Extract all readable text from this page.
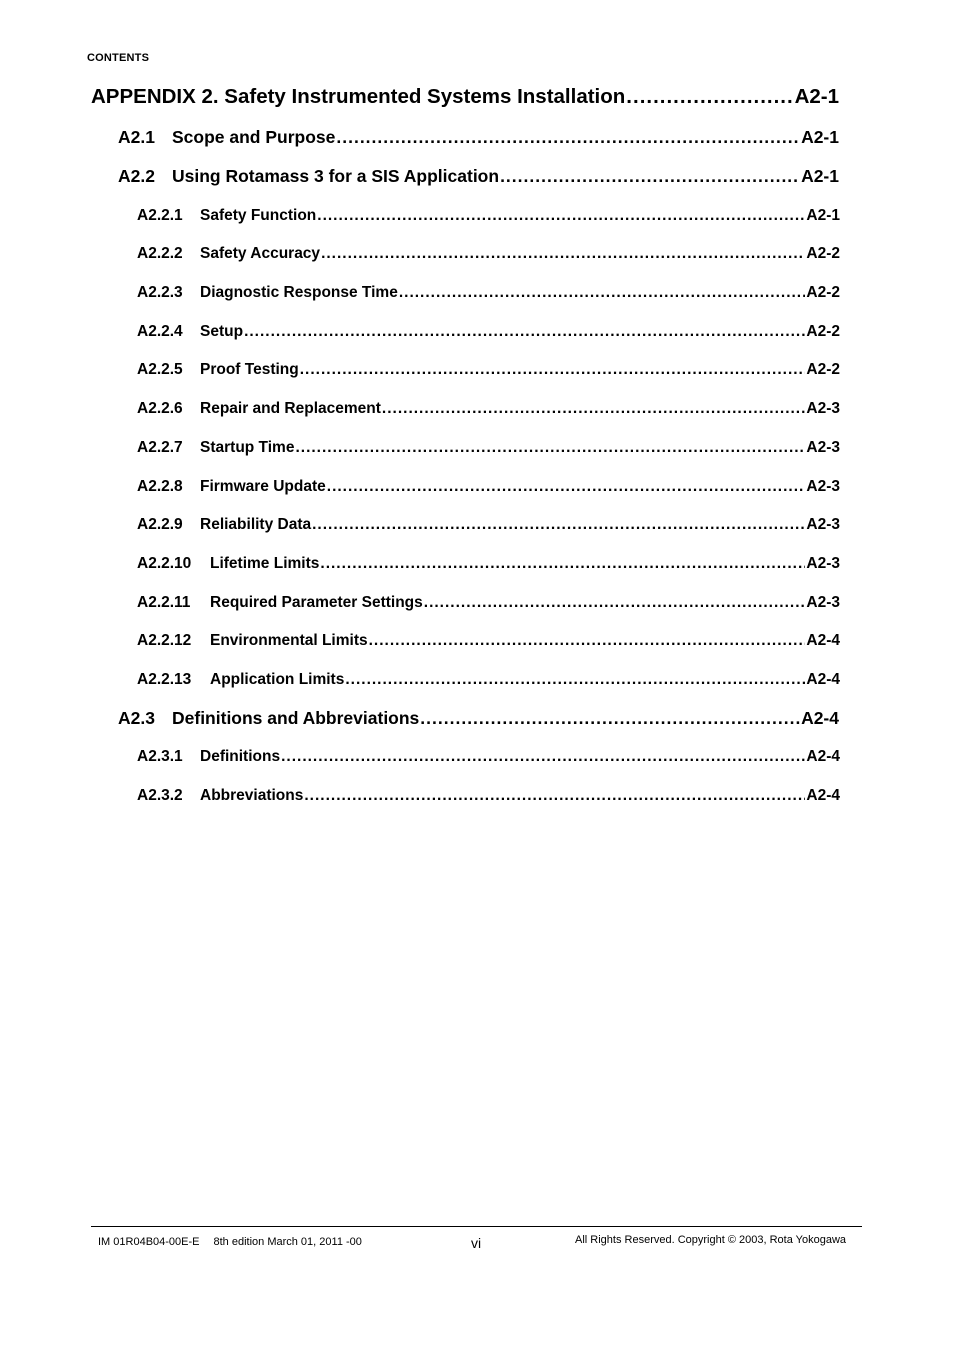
CONTENTS
APPENDIX 2. Safety Instrumented Systems Installation .....	A2-1
A2.1 Scope and Purpose .....	A2-1
A2.2 Using Rotamass 3 for a SIS Application .....	A2-1
A2.2.1	Safety Function .....	A2-1
A2.2.2	Safety Accuracy .....	A2-2
A2.2.3	Diagnostic Response Time .....	A2-2
A2.2.4	Setup .....	A2-2
A2.2.5	Proof Testing .....	A2-2
A2.2.6	Repair and Replacement .....	A2-3
A2.2.7	Startup Time .....	A2-3
A2.2.8	Firmware Update .....	A2-3
A2.2.9	Reliability Data .....	A2-3
A2.2.10	Lifetime Limits .....	A2-3
A2.2.11	Required Parameter Settings .....	A2-3
A2.2.12	Environmental Limits .....	A2-4
A2.2.13	Application Limits .....	A2-4
A2.3 Definitions and Abbreviations .....	A2-4
A2.3.1	Definitions .....	A2-4
A2.3.2	Abbreviations .....	A2-4
IM 01R04B04-00E-E 8th edition March 01, 2011 -00	vi	All Rights Reserved. Copyright © 2003, Rota Yokogawa
